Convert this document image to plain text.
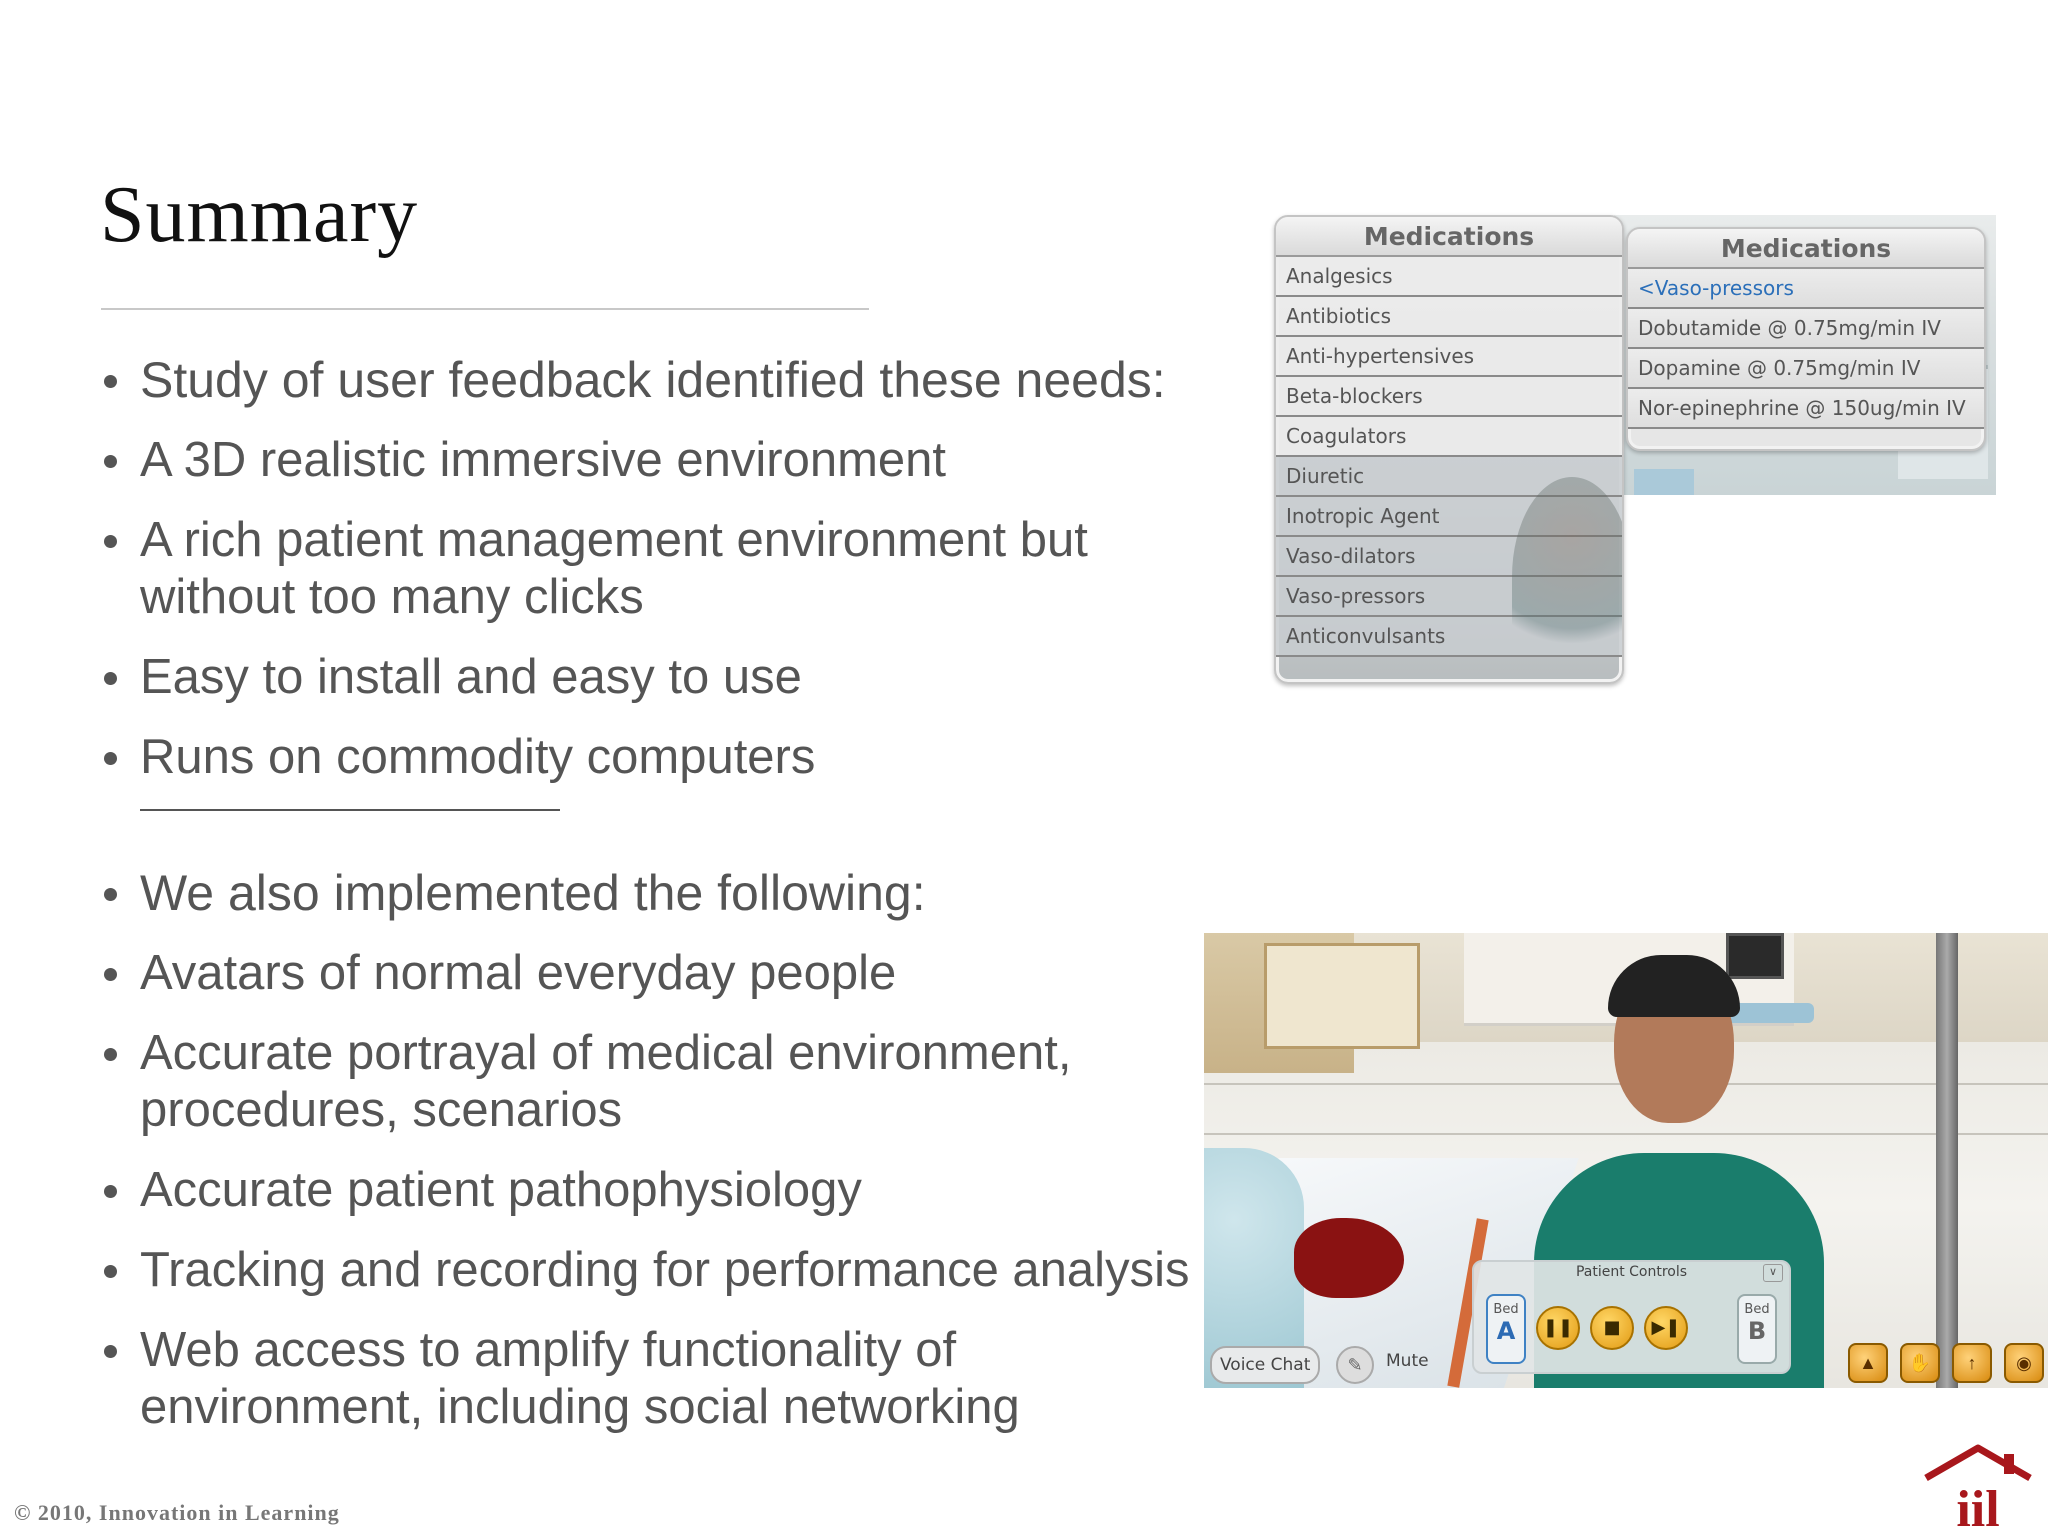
Summary
Study of user feedback identified these needs:
A 3D realistic immersive environment
A rich patient management environment but without too many clicks
Easy to install and easy to use
Runs on commodity computers
We also implemented the following:
Avatars of normal everyday people
Accurate portrayal of medical environment, procedures, scenarios
Accurate patient pathophysiology
Tracking and recording for performance analysis
Web access to amplify functionality of environment, including social networking
Medications
Analgesics
Antibiotics
Anti-hypertensives
Beta-blockers
Coagulators
Diuretic
Inotropic Agent
Vaso-dilators
Vaso-pressors
Anticonvulsants
Medications
<Vaso-pressors
Dobutamide @ 0.75mg/min IV
Dopamine @ 0.75mg/min IV
Nor-epinephrine @ 150ug/min IV
Patient Controls	∨
Bed
A	❚❚	■	▶❚
Bed
B
Voice Chat	✎	Mute	▲	✋	↑	◉
© 2010, Innovation in Learning	iil
